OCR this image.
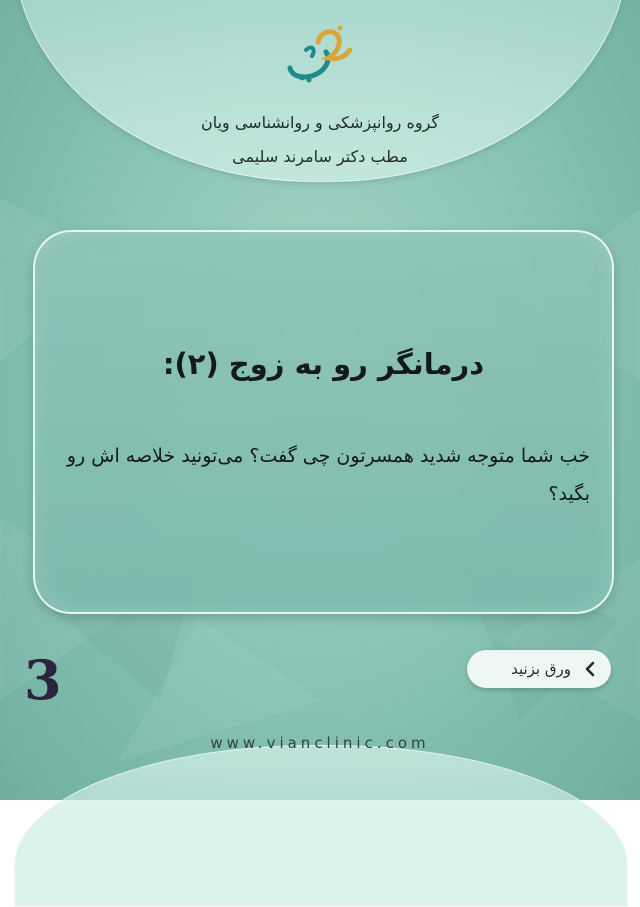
گروه روانپزشکی و روانشناسی ویان
مطب دکتر سامرند سلیمی
درمانگر رو به زوج (۲):
خب شما متوجه شدید همسرتون چی گفت؟ می‌تونید خلاصه اش رو بگید؟
3	ورق بزنید
www.vianclinic.com
